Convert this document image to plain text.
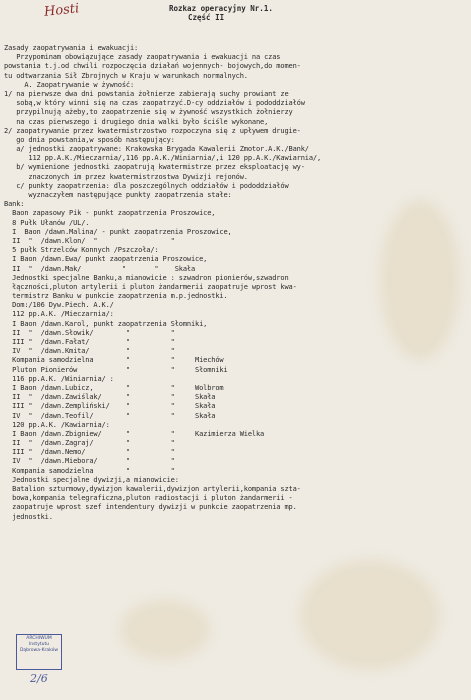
Hosti	Rozkaz operacyjny Nr.1.
Część II
Zasady zaopatrywania i ewakuacji:
Przypominam obowiązujące zasady zaopatrywania i ewakuacji na czas
powstania t.j.od chwili rozpoczęcia działań wojennych- bojowych,do momen-
tu odtwarzania Sił Zbrojnych w Kraju w warunkach normalnych.
A. Zaopatrywanie w żywność:
1/ na pierwsze dwa dni powstania żołnierze zabierają suchy prowiant ze
sobą,w który winni się na czas zaopatrzyć.D-cy oddziałów i pododdziałów
przypilnują ażeby,to zaopatrzenie się w żywność wszystkich żołnierzy
na czas pierwszego i drugiego dnia walki było ściśle wykonane,
2/ zaopatrywanie przez kwatermistrzostwo rozpoczyna się z upływem drugie-
go dnia powstania,w sposób następujący:
a/ jednostki zaopatrywane: Krakowska Brygada Kawalerii Zmotor.A.K./Bank/
112 pp.A.K./Mieczarnia/,116 pp.A.K./Winiarnia/,i 120 pp.A.K./Kawiarnia/,
b/ wymienione jednostki zaopatrują kwatermistrze przez eksploatację wy-
znaczonych im przez kwatermistrzostwa Dywizji rejonów.
c/ punkty zaopatrzenia: dla poszczególnych oddziałów i pododdziałów
wyznaczyłem następujące punkty zaopatrzenia stałe:
Bank:
Baon zapasowy Pik - punkt zaopatrzenia Proszowice,
8 Pułk Ułanów /UL/.
I  Baon /dawn.Malina/ - punkt zaopatrzenia Proszowice,
II  "  /dawn.Klon/  "                  "
5 pułk Strzelców Konnych /Pszczoła/:
I Baon /dawn.Ewa/ punkt zaopatrzenia Proszowice,
II  "  /dawn.Mak/          "       "    Skała
Jednostki specjalne Banku,a mianowicie : szwadron pionierów,szwadron
łączności,pluton artylerii i pluton żandarmerii zaopatruje wprost kwa-
termistrz Banku w punkcie zaopatrzenia m.p.jednostki.
Dom:/106 Dyw.Piech. A.K./
112 pp.A.K. /Mieczarnia/:
I Baon /dawn.Karol, punkt zaopatrzenia Słomniki,
II  "  /dawn.Słowik/        "          "
III "  /dawn.Fałat/         "          "
IV  "  /dawn.Kmita/         "          "
Kompania samodzielna        "          "     Miechów
Pluton Pionierów            "          "     Słomniki
116 pp.A.K. /Winiarnia/ :
I Baon /dawn.Lubicz,        "          "     Wolbrom
II  "  /dawn.Zawiślak/      "          "     Skała
III "  /dawn.Zempliński/    "          "     Skała
IV  "  /dawn.Teofil/        "          "     Skała
120 pp.A.K. /Kawiarnia/:
I Baon /dawn.Zbigniew/      "          "     Kazimierza Wielka
II  "  /dawn.Zagraj/        "          "
III "  /dawn.Nemo/          "          "
IV  "  /dawn.Miebora/       "          "
Kompania samodzielna        "          "
Jednostki specjalne dywizji,a mianowicie:
Batalion szturmowy,dywizjon kawalerii,dywizjon artylerii,kompania szta-
bowa,kompania telegraficzna,pluton radiostacji i pluton żandarmerii -
zaopatruje wprost szef intendentury dywizji w punkcie zaopatrzenia mp.
jednostki.
ARCHIWUM
Instytutu
Dąbrowa-Kraków
2/6
